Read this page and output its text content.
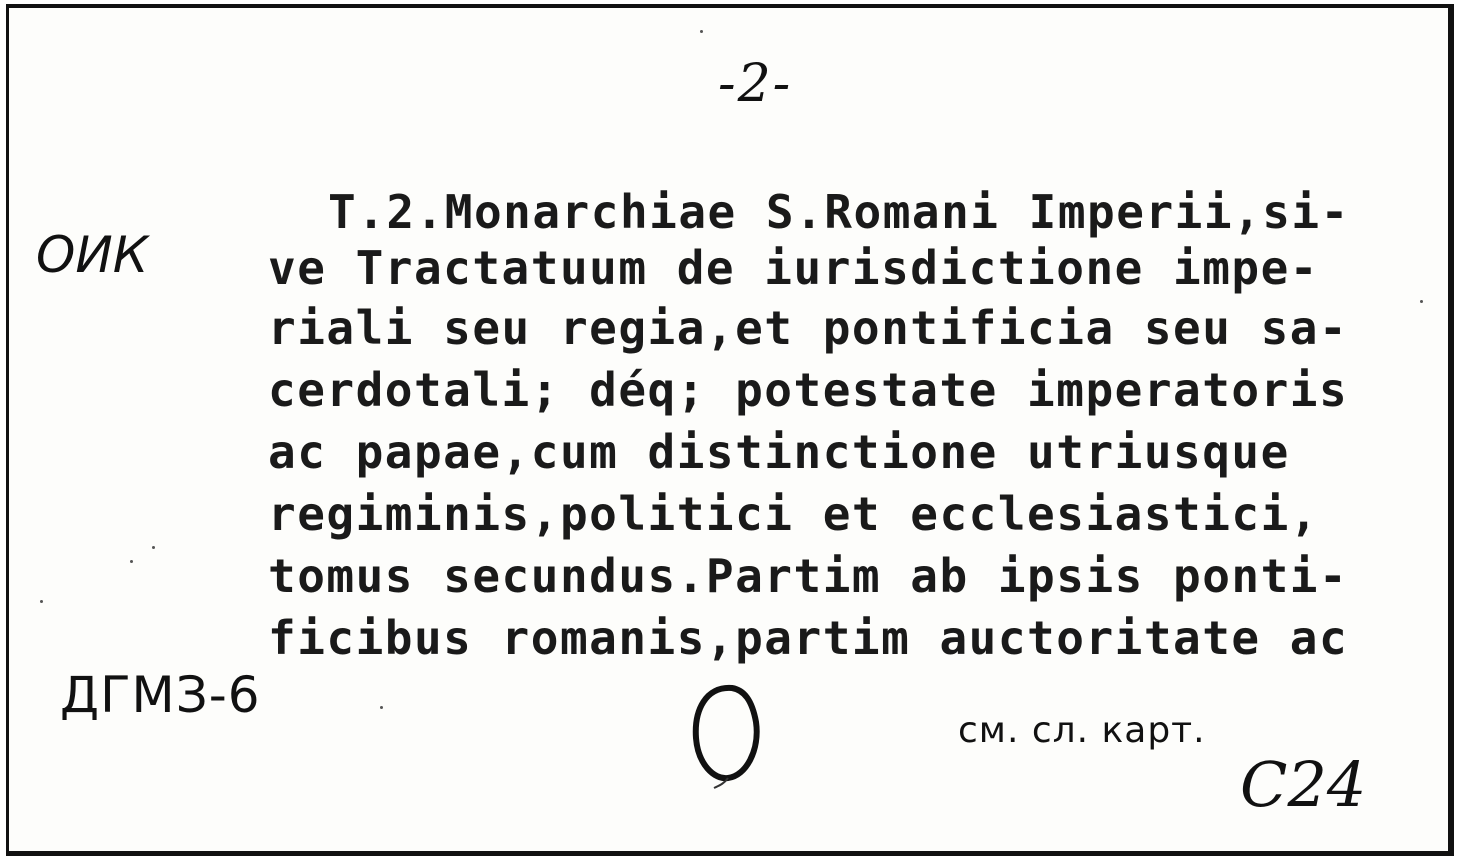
-2-
ОИК
T.2.Monarchiae S.Romani Imperii,si-
ve Tractatuum de iurisdictione impe-
riali seu regia,et pontificia seu sa-
cerdotali; déq; potestate imperatoris
ac papae,cum distinctione utriusque
regiminis,politici et ecclesiastici,
tomus secundus.Partim ab ipsis ponti-
ficibus romanis,partim auctoritate ac
ДГМЗ-6
см. сл. карт.
С24
